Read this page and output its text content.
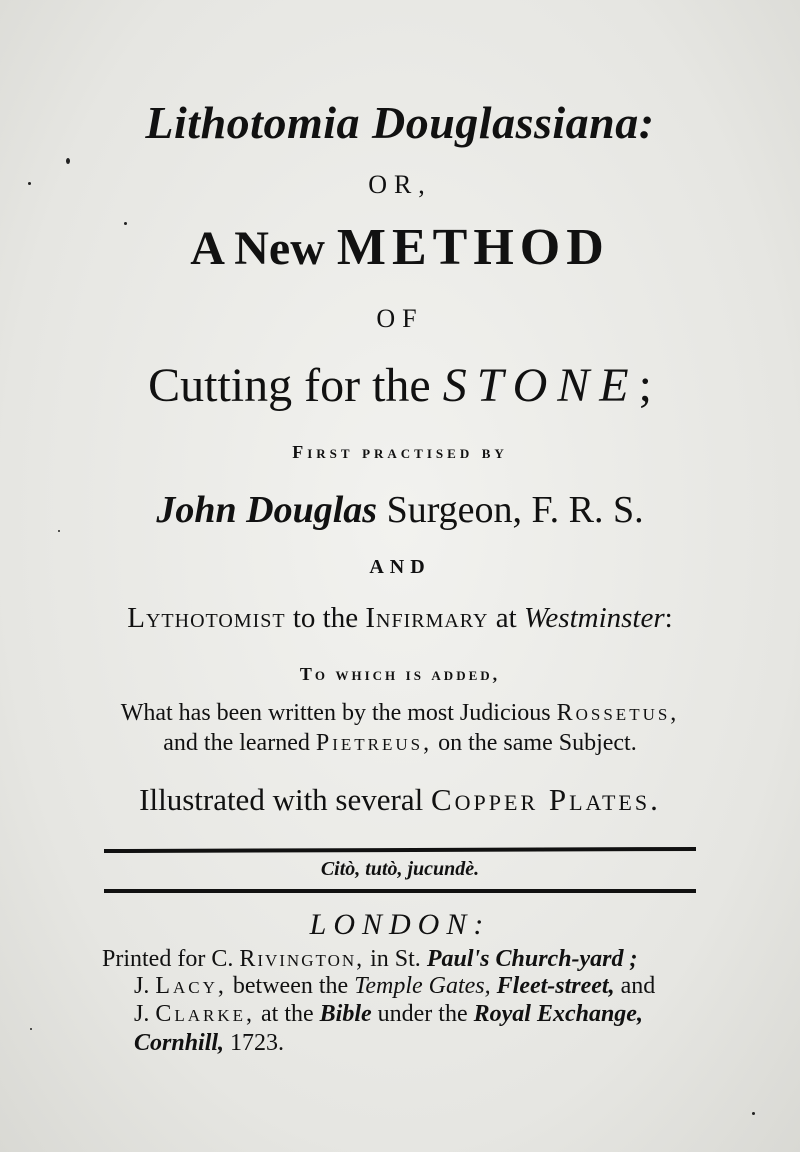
Lithotomia Douglassiana:
OR,
A New METHOD
OF
Cutting for the STONE;
First practised by
John Douglas Surgeon, F. R. S.
AND
Lythotomist to the Infirmary at Westminster:
To which is added,
What has been written by the most Judicious Rossetus,
and the learned Pietreus, on the same Subject.
Illustrated with several Copper Plates.
Citò, tutò, jucundè.
LONDON:
Printed for C. Rivington, in St. Paul's Church-yard ;
J. Lacy, between the Temple Gates, Fleet-street, and
J. Clarke, at the Bible under the Royal Exchange,
Cornhill, 1723.
